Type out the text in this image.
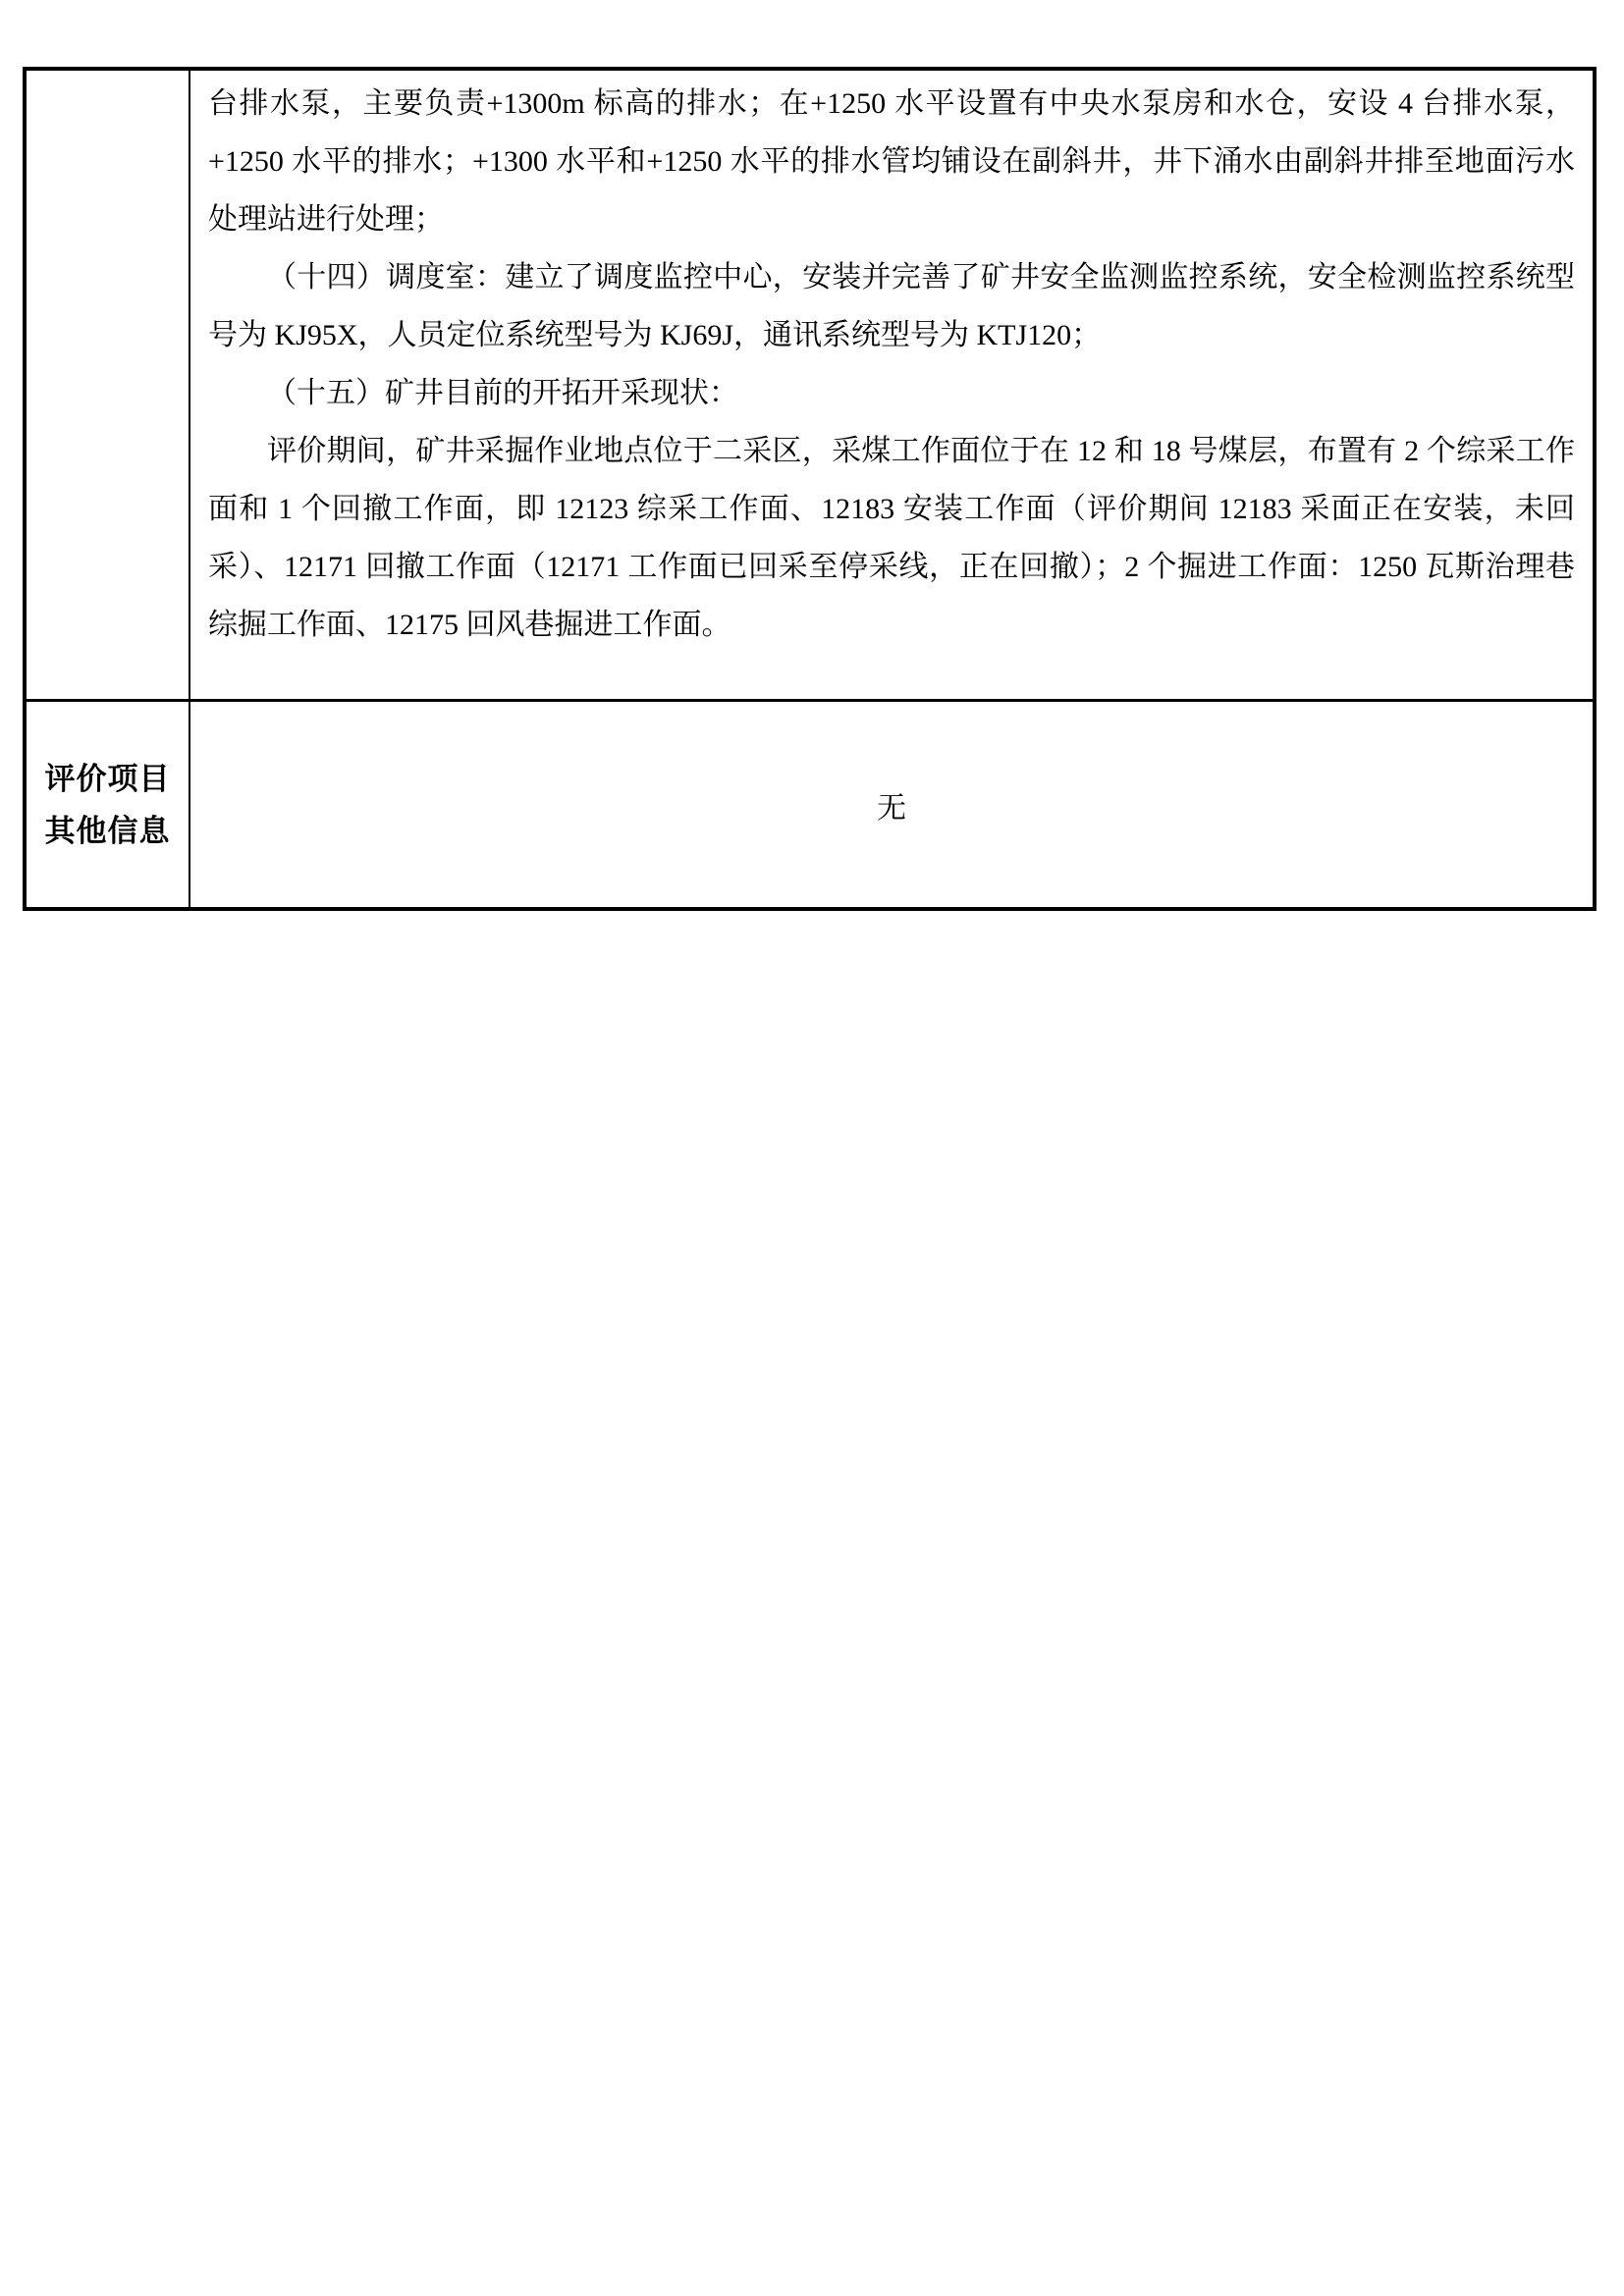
台排水泵，主要负责+1300m 标高的排水；在+1250 水平设置有中央水泵房和水仓，安设 4 台排水泵，+1250 水平的排水；+1300 水平和+1250 水平的排水管均铺设在副斜井，井下涌水由副斜井排至地面污水处理站进行处理；

（十四）调度室：建立了调度监控中心，安装并完善了矿井安全监测监控系统，安全检测监控系统型号为 KJ95X，人员定位系统型号为 KJ69J，通讯系统型号为 KTJ120；

（十五）矿井目前的开拓开采现状：

评价期间，矿井采掘作业地点位于二采区，采煤工作面位于在 12 和 18 号煤层，布置有 2 个综采工作面和 1 个回撤工作面，即 12123 综采工作面、12183 安装工作面（评价期间 12183 采面正在安装，未回采）、12171 回撤工作面（12171 工作面已回采至停采线，正在回撤）；2 个掘进工作面：1250 瓦斯治理巷综掘工作面、12175 回风巷掘进工作面。

评价项目
其他信息
无
